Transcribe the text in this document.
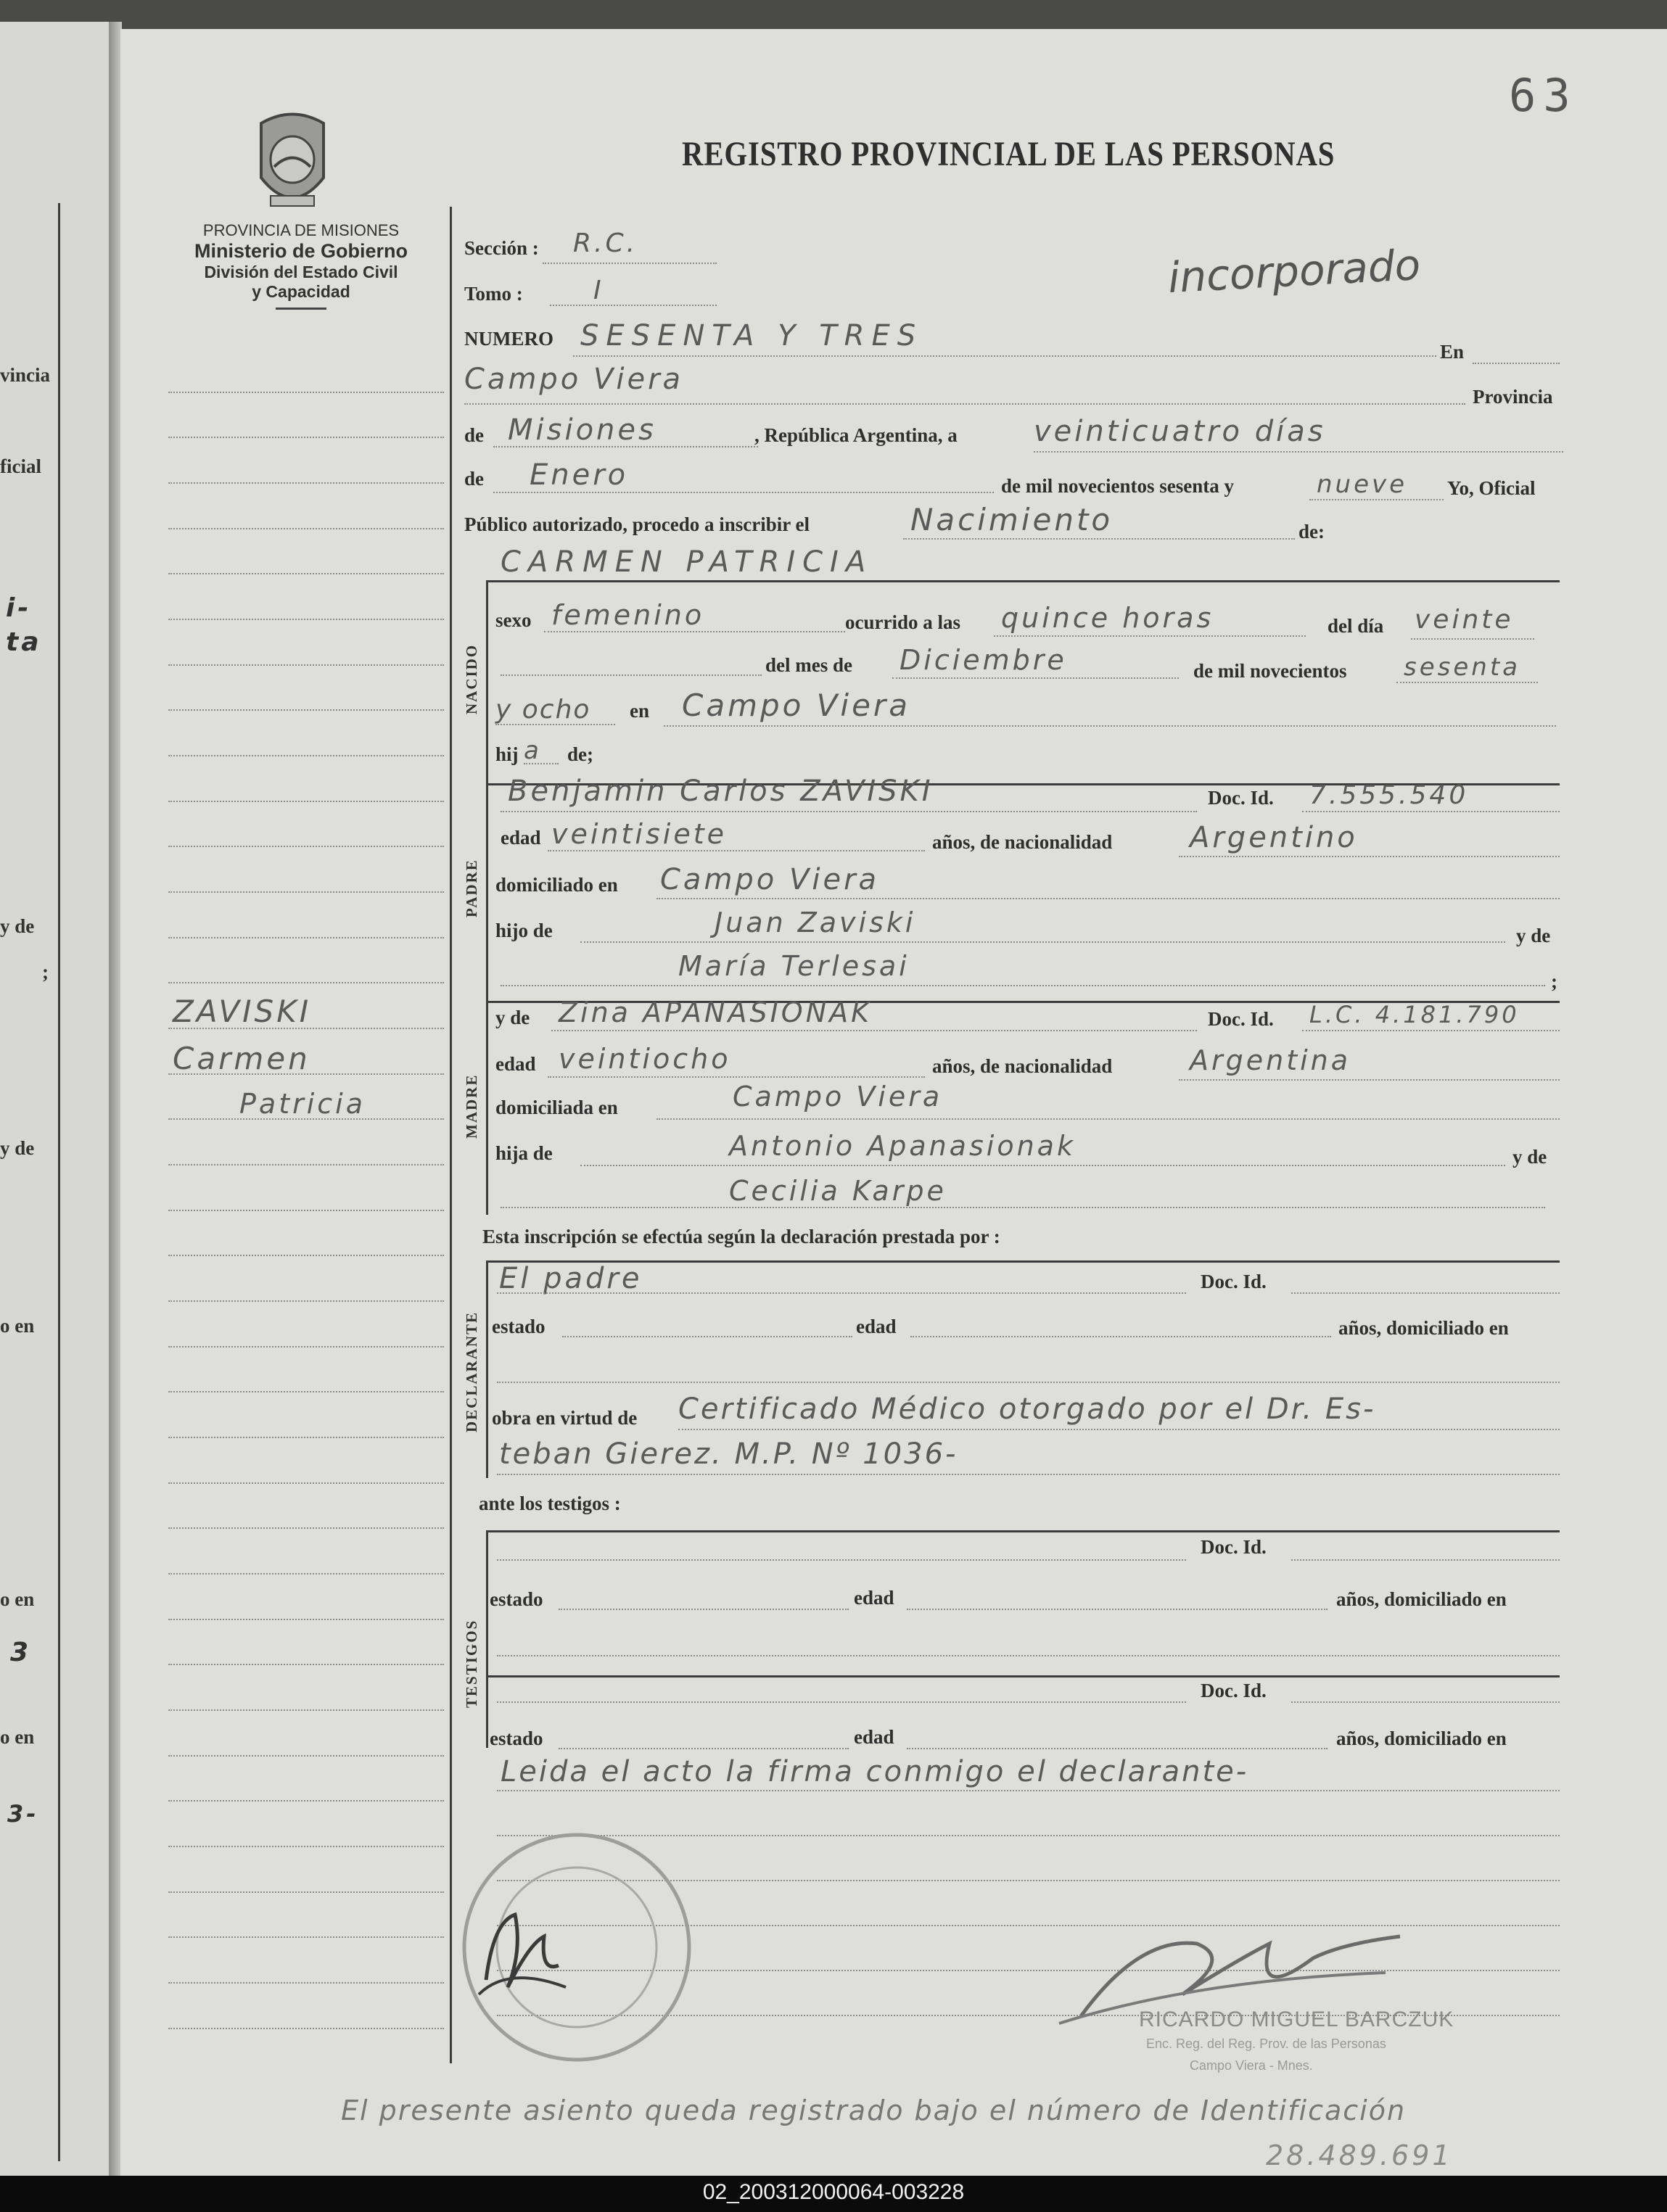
vincia
ficial
i-
ta
y de
;
y de
o en
o en
3
o en
3-
02_200312000064-003228
63
PROVINCIA DE MISIONES
Ministerio de Gobierno
División del Estado Civil
y Capacidad
REGISTRO PROVINCIAL DE LAS PERSONAS
incorporado
ZAVISKI
Carmen
Patricia
Sección : R.C.
Tomo :	I
NUMERO SESENTA Y TRES	En
Campo Viera
Provincia
de Misiones	, República Argentina, a	veinticuatro días
de Enero	de mil novecientos sesenta y	nueve Yo, Oficial
Público autorizado, procedo a inscribir el	Nacimiento	de:
NACIDO
CARMEN PATRICIA
sexo femenino	ocurrido a las quince horas	del día veinte
del mes de Diciembre	de mil novecientos sesenta
y ocho en Campo Viera
hij a de;
PADRE
Benjamin Carlos ZAVISKI	Doc. Id. 7.555.540
edad veintisiete	años, de nacionalidad	Argentino
domiciliado en Campo Viera
hijo de	Juan Zaviski	y de
María Terlesai	;
MADRE
y de Zina APANASIONAK	Doc. Id. L.C. 4.181.790
edad veintiocho	años, de nacionalidad	Argentina
domiciliada en	Campo Viera
hija de	Antonio Apanasionak	y de
Cecilia Karpe
Esta inscripción se efectúa según la declaración prestada por :
DECLARANTE
El padre	Doc. Id.
estado	edad	años, domiciliado en
obra en virtud de Certificado Médico otorgado por el Dr. Es-
teban Gierez. M.P. Nº 1036-
ante los testigos :
TESTIGOS
Doc. Id.
estado	edad	años, domiciliado en
Doc. Id.
estado	edad	años, domiciliado en
Leida el acto la firma conmigo el declarante-
RICARDO MIGUEL BARCZUK
Enc. Reg. del Reg. Prov. de las Personas
Campo Viera - Mnes.
El presente asiento queda registrado bajo el número de Identificación
28.489.691
